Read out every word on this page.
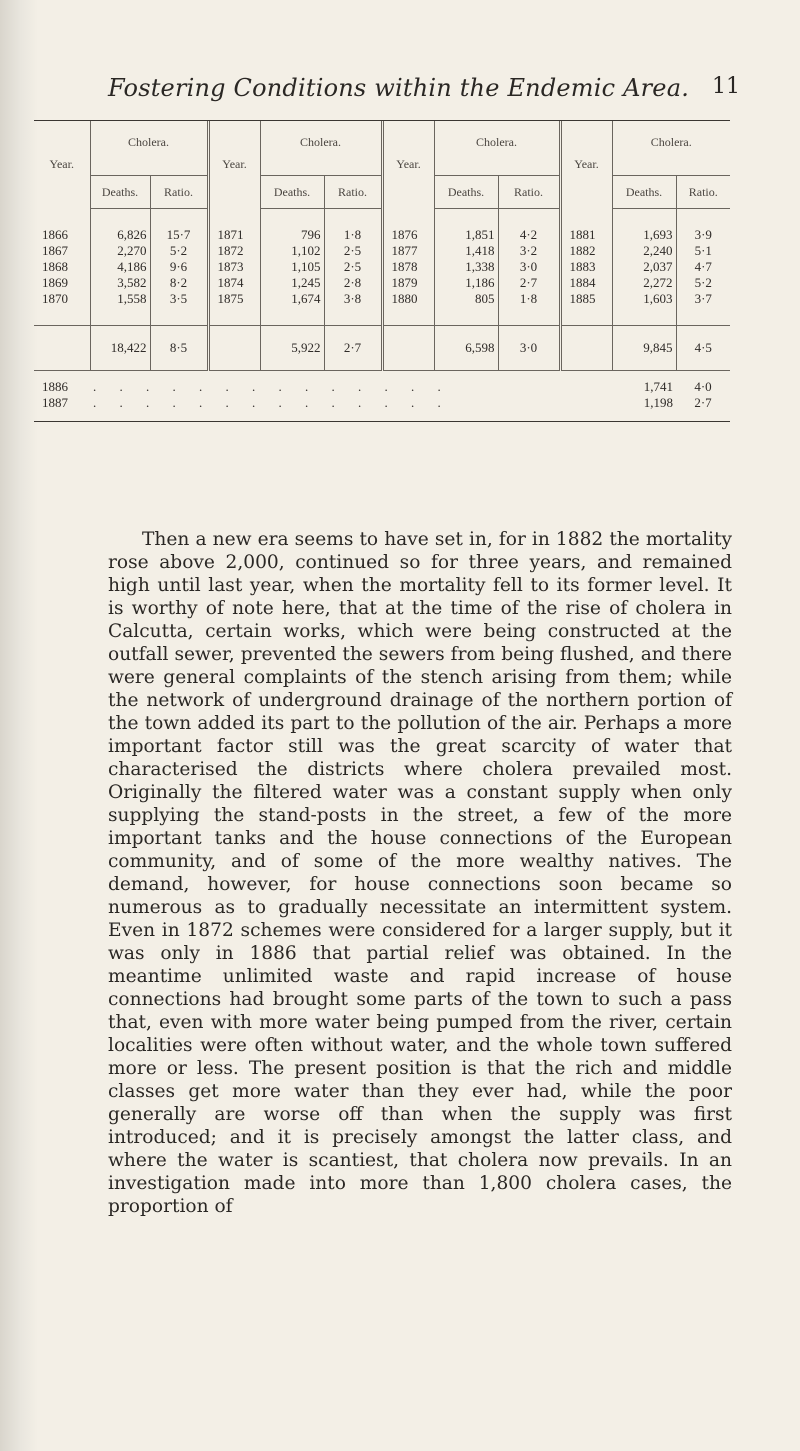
Fostering Conditions within the Endemic Area. 11
Year.	Cholera.		Year.	Cholera.		Year.	Cholera.		Year.	Cholera.	
	Deaths.	Ratio.		Deaths.	Ratio.		Deaths.	Ratio.		Deaths.	Ratio.

1866	6,826	15·7	1871	796	1·8	1876	1,851	4·2	1881	1,693	3·9
1867	2,270	5·2	1872	1,102	2·5	1877	1,418	3·2	1882	2,240	5·1
1868	4,186	9·6	1873	1,105	2·5	1878	1,338	3·0	1883	2,037	4·7
1869	3,582	8·2	1874	1,245	2·8	1879	1,186	2·7	1884	2,272	5·2
1870	1,558	3·5	1875	1,674	3·8	1880	805	1·8	1885	1,603	3·7

	18,422	8·5		5,922	2·7		6,598	3·0		9,845	4·5
1886	. . . . . . . . . . . . . .									1,741	4·0
1887	. . . . . . . . . . . . . .									1,198	2·7

Then a new era seems to have set in, for in 1882 the mortality rose above 2,000, continued so for three years, and remained high until last year, when the mortality fell to its former level. It is worthy of note here, that at the time of the rise of cholera in Calcutta, certain works, which were being constructed at the outfall sewer, prevented the sewers from being flushed, and there were general complaints of the stench arising from them; while the network of underground drainage of the northern portion of the town added its part to the pollution of the air. Perhaps a more important factor still was the great scarcity of water that characterised the districts where cholera prevailed most. Originally the filtered water was a constant supply when only supplying the stand-posts in the street, a few of the more important tanks and the house connections of the European community, and of some of the more wealthy natives. The demand, however, for house connections soon became so numerous as to gradually necessitate an intermittent system. Even in 1872 schemes were considered for a larger supply, but it was only in 1886 that partial relief was obtained. In the meantime unlimited waste and rapid increase of house connections had brought some parts of the town to such a pass that, even with more water being pumped from the river, certain localities were often without water, and the whole town suffered more or less. The present position is that the rich and middle classes get more water than they ever had, while the poor generally are worse off than when the supply was first introduced; and it is precisely amongst the latter class, and where the water is scantiest, that cholera now prevails. In an investigation made into more than 1,800 cholera cases, the proportion of
